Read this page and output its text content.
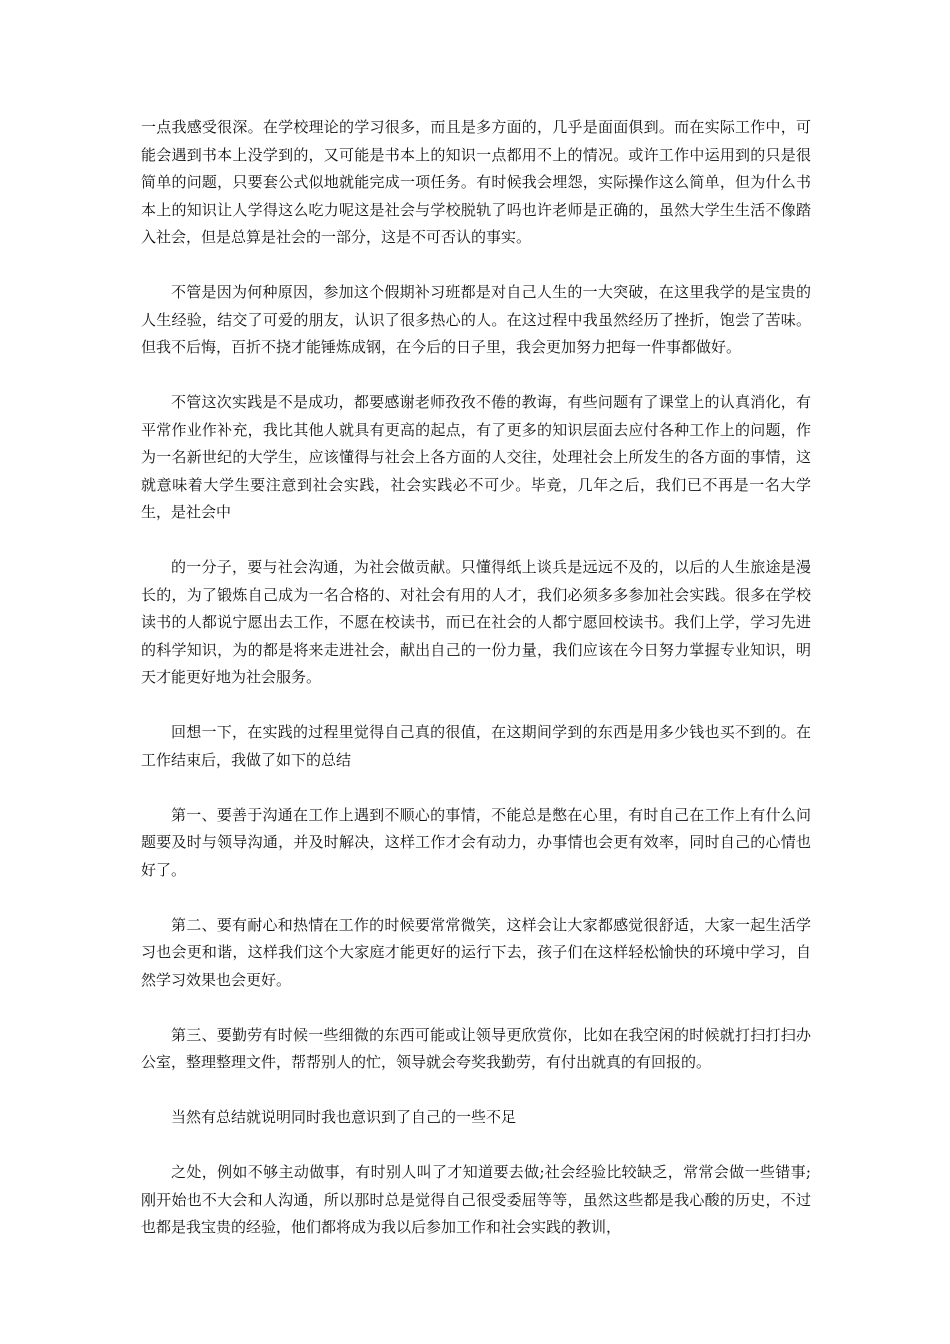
一点我感受很深。在学校理论的学习很多，而且是多方面的，几乎是面面俱到。而在实际工作中，可能会遇到书本上没学到的，又可能是书本上的知识一点都用不上的情况。或许工作中运用到的只是很简单的问题，只要套公式似地就能完成一项任务。有时候我会埋怨，实际操作这么简单，但为什么书本上的知识让人学得这么吃力呢这是社会与学校脱轨了吗也许老师是正确的，虽然大学生生活不像踏入社会，但是总算是社会的一部分，这是不可否认的事实。

不管是因为何种原因，参加这个假期补习班都是对自己人生的一大突破，在这里我学的是宝贵的人生经验，结交了可爱的朋友，认识了很多热心的人。在这过程中我虽然经历了挫折，饱尝了苦味。但我不后悔，百折不挠才能锤炼成钢，在今后的日子里，我会更加努力把每一件事都做好。

不管这次实践是不是成功，都要感谢老师孜孜不倦的教诲，有些问题有了课堂上的认真消化，有平常作业作补充，我比其他人就具有更高的起点，有了更多的知识层面去应付各种工作上的问题，作为一名新世纪的大学生，应该懂得与社会上各方面的人交往，处理社会上所发生的各方面的事情，这就意味着大学生要注意到社会实践，社会实践必不可少。毕竟，几年之后，我们已不再是一名大学生，是社会中

的一分子，要与社会沟通，为社会做贡献。只懂得纸上谈兵是远远不及的，以后的人生旅途是漫长的，为了锻炼自己成为一名合格的、对社会有用的人才，我们必须多多参加社会实践。很多在学校读书的人都说宁愿出去工作，不愿在校读书，而已在社会的人都宁愿回校读书。我们上学，学习先进的科学知识，为的都是将来走进社会，献出自己的一份力量，我们应该在今日努力掌握专业知识，明天才能更好地为社会服务。

回想一下，在实践的过程里觉得自己真的很值，在这期间学到的东西是用多少钱也买不到的。在工作结束后，我做了如下的总结

第一、要善于沟通在工作上遇到不顺心的事情，不能总是憋在心里，有时自己在工作上有什么问题要及时与领导沟通，并及时解决，这样工作才会有动力，办事情也会更有效率，同时自己的心情也好了。

第二、要有耐心和热情在工作的时候要常常微笑，这样会让大家都感觉很舒适，大家一起生活学习也会更和谐，这样我们这个大家庭才能更好的运行下去，孩子们在这样轻松愉快的环境中学习，自然学习效果也会更好。

第三、要勤劳有时候一些细微的东西可能或让领导更欣赏你，比如在我空闲的时候就打扫打扫办公室，整理整理文件，帮帮别人的忙，领导就会夸奖我勤劳，有付出就真的有回报的。

当然有总结就说明同时我也意识到了自己的一些不足

之处，例如不够主动做事，有时别人叫了才知道要去做;社会经验比较缺乏，常常会做一些错事;刚开始也不大会和人沟通，所以那时总是觉得自己很受委屈等等，虽然这些都是我心酸的历史，不过也都是我宝贵的经验，他们都将成为我以后参加工作和社会实践的教训，
